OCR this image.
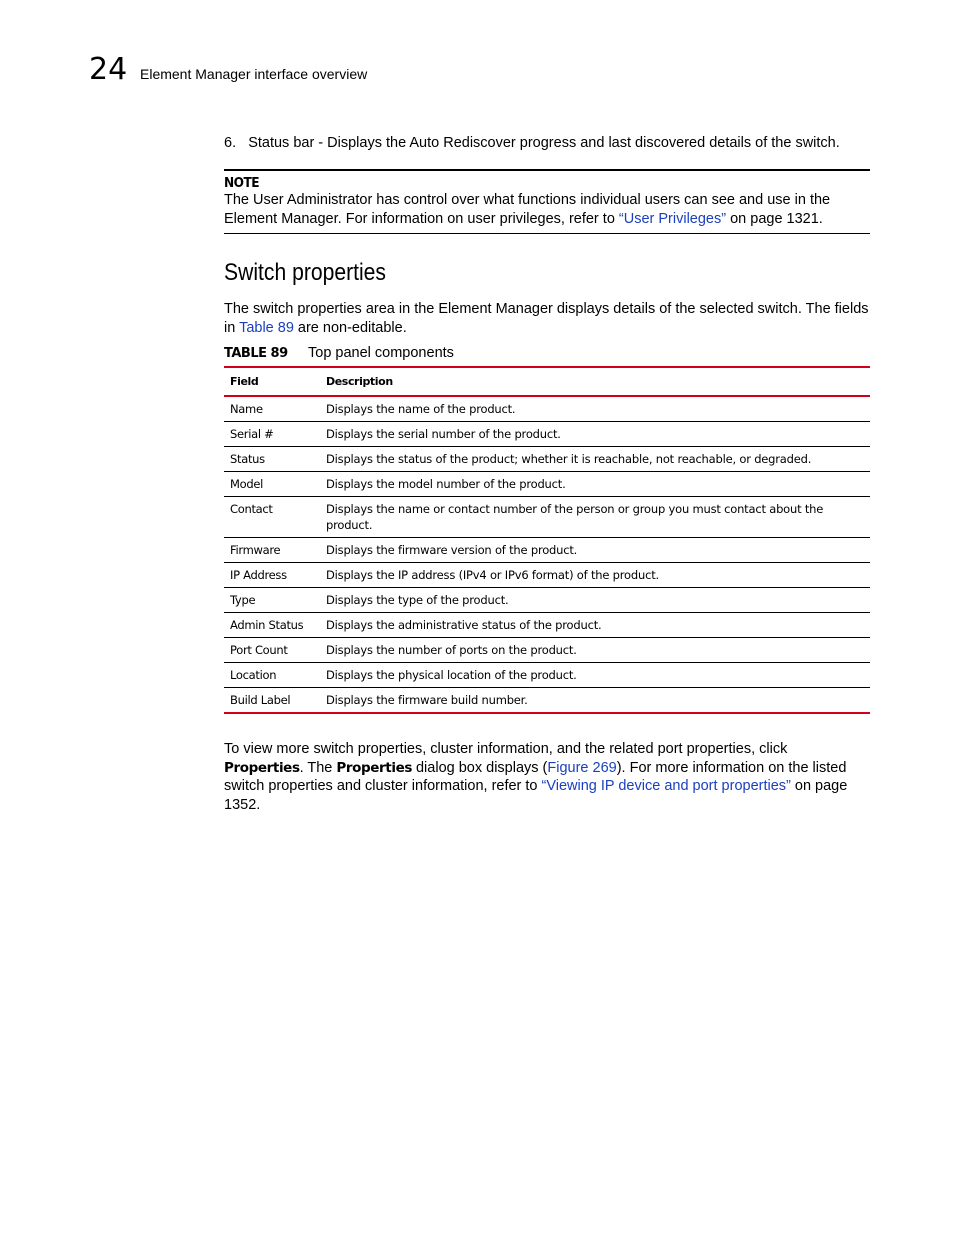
24 Element Manager interface overview

6. Status bar - Displays the Auto Rediscover progress and last discovered details of the switch.

NOTE

The User Administrator has control over what functions individual users can see and use in the Element Manager. For information on user privileges, refer to “User Privileges” on page 1321.

Switch properties

The switch properties area in the Element Manager displays details of the selected switch. The fields in Table 89 are non-editable.

TABLE 89 Top panel components
Field	Description
Name	Displays the name of the product.
Serial #	Displays the serial number of the product.
Status	Displays the status of the product; whether it is reachable, not reachable, or degraded.
Model	Displays the model number of the product.
Contact	Displays the name or contact number of the person or group you must contact about the product.
Firmware	Displays the firmware version of the product.
IP Address	Displays the IP address (IPv4 or IPv6 format) of the product.
Type	Displays the type of the product.
Admin Status	Displays the administrative status of the product.
Port Count	Displays the number of ports on the product.
Location	Displays the physical location of the product.
Build Label	Displays the firmware build number.

To view more switch properties, cluster information, and the related port properties, click Properties. The Properties dialog box displays (Figure 269). For more information on the listed switch properties and cluster information, refer to “Viewing IP device and port properties” on page 1352.
